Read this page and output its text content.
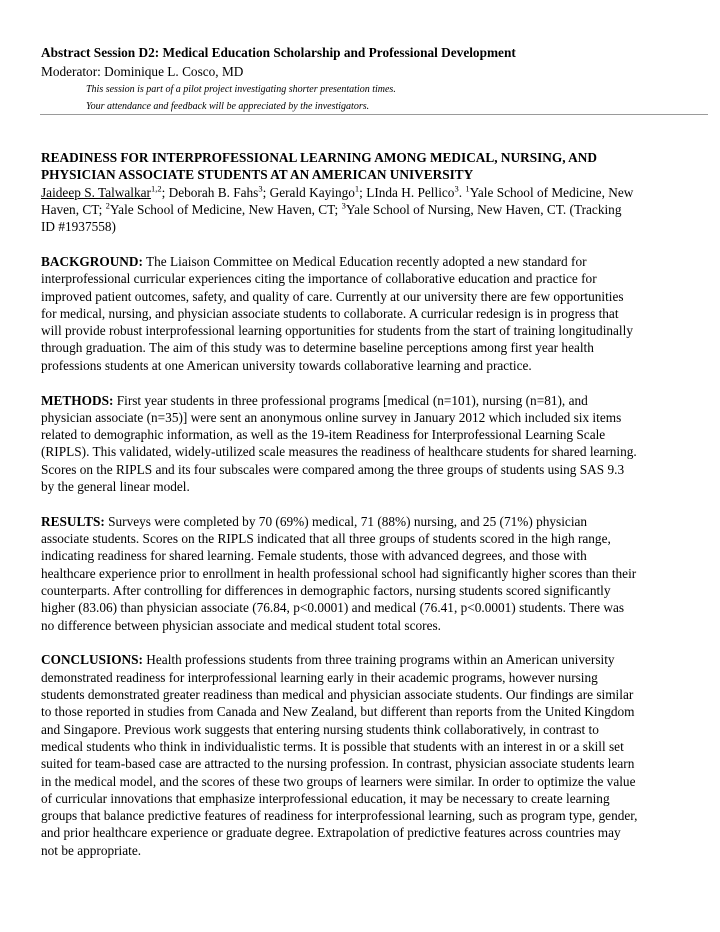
Abstract Session D2: Medical Education Scholarship and Professional Development

Moderator: Dominique L. Cosco, MD

This session is part of a pilot project investigating shorter presentation times.

Your attendance and feedback will be appreciated by the investigators.

READINESS FOR INTERPROFESSIONAL LEARNING AMONG MEDICAL, NURSING, AND
PHYSICIAN ASSOCIATE STUDENTS AT AN AMERICAN UNIVERSITY

Jaideep S. Talwalkar$^{1,2}$; Deborah B. Fahs$^3$; Gerald Kayingo$^1$; LInda H. Pellico$^3$. $^1$Yale School of Medicine, New
Haven, CT; $^2$Yale School of Medicine, New Haven, CT; $^3$Yale School of Nursing, New Haven, CT. (Tracking
ID #1937558)

BACKGROUND: The Liaison Committee on Medical Education recently adopted a new standard for
interprofessional curricular experiences citing the importance of collaborative education and practice for
improved patient outcomes, safety, and quality of care. Currently at our university there are few opportunities
for medical, nursing, and physician associate students to collaborate. A curricular redesign is in progress that
will provide robust interprofessional learning opportunities for students from the start of training longitudinally
through graduation. The aim of this study was to determine baseline perceptions among first year health
professions students at one American university towards collaborative learning and practice.

METHODS: First year students in three professional programs [medical (n=101), nursing (n=81), and
physician associate (n=35)] were sent an anonymous online survey in January 2012 which included six items
related to demographic information, as well as the 19-item Readiness for Interprofessional Learning Scale
(RIPLS). This validated, widely-utilized scale measures the readiness of healthcare students for shared learning.
Scores on the RIPLS and its four subscales were compared among the three groups of students using SAS 9.3
by the general linear model.

RESULTS: Surveys were completed by 70 (69%) medical, 71 (88%) nursing, and 25 (71%) physician
associate students. Scores on the RIPLS indicated that all three groups of students scored in the high range,
indicating readiness for shared learning. Female students, those with advanced degrees, and those with
healthcare experience prior to enrollment in health professional school had significantly higher scores than their
counterparts. After controlling for differences in demographic factors, nursing students scored significantly
higher (83.06) than physician associate (76.84, p<0.0001) and medical (76.41, p<0.0001) students. There was
no difference between physician associate and medical student total scores.

CONCLUSIONS: Health professions students from three training programs within an American university
demonstrated readiness for interprofessional learning early in their academic programs, however nursing
students demonstrated greater readiness than medical and physician associate students. Our findings are similar
to those reported in studies from Canada and New Zealand, but different than reports from the United Kingdom
and Singapore. Previous work suggests that entering nursing students think collaboratively, in contrast to
medical students who think in individualistic terms. It is possible that students with an interest in or a skill set
suited for team-based case are attracted to the nursing profession. In contrast, physician associate students learn
in the medical model, and the scores of these two groups of learners were similar. In order to optimize the value
of curricular innovations that emphasize interprofessional education, it may be necessary to create learning
groups that balance predictive features of readiness for interprofessional learning, such as program type, gender,
and prior healthcare experience or graduate degree. Extrapolation of predictive features across countries may
not be appropriate.
